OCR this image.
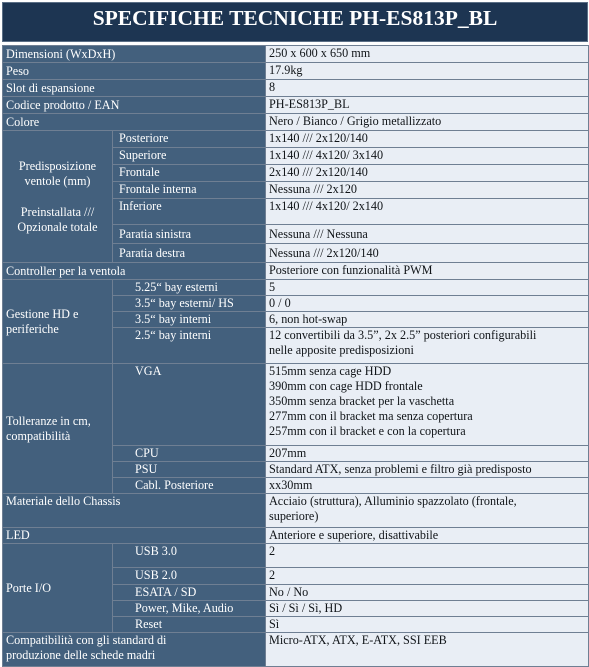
SPECIFICHE TECNICHE PH-ES813P_BL
Dimensioni (WxDxH)		250 x 600 x 650 mm
Peso		17.9kg
Slot di espansione		8
Codice prodotto / EAN		PH-ES813P_BL
Colore		Nero / Bianco / Grigio metallizzato

Predisposizione
ventole (mm)
Preinstallata ///
Opzionale totale	Posteriore	1x140 /// 2x120/140
	Superiore	1x140 /// 4x120/ 3x140
	Frontale	2x140 /// 2x120/140
	Frontale interna	Nessuna /// 2x120
	Inferiore	1x140 /// 4x120/ 2x140
	Paratia sinistra	Nessuna /// Nessuna
	Paratia destra	Nessuna /// 2x120/140
Controller per la ventola		Posteriore con funzionalità PWM

Gestione HD e
periferiche	5.25“ bay esterni	5
	3.5“ bay esterni/ HS	0 / 0
	3.5“ bay interni	6, non hot-swap
	2.5“ bay interni	12 convertibili da 3.5”, 2x 2.5” posteriori configurabili
nelle apposite predisposizioni

Tolleranze in cm,
compatibilità	VGA	515mm senza cage HDD
390mm con cage HDD frontale
350mm senza bracket per la vaschetta
277mm con il bracket ma senza copertura
257mm con il bracket e con la copertura

	CPU	207mm
	PSU	Standard ATX, senza problemi e filtro già predisposto
	Cabl. Posteriore	xx30mm
Materiale dello Chassis		Acciaio (struttura), Alluminio spazzolato (frontale,
superiore)

LED		Anteriore e superiore, disattivabile
Porte I/O	USB 3.0	2
	USB 2.0	2
	ESATA / SD	No / No
	Power, Mike, Audio	Sì / Sì / Sì, HD
	Reset	Sì

Compatibilità con gli standard di
produzione delle schede madri		Micro-ATX, ATX, E-ATX, SSI EEB
